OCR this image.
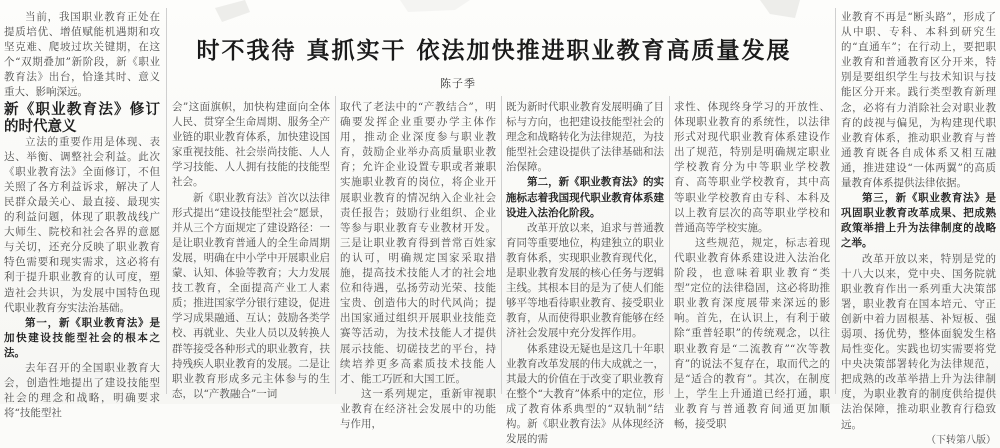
当前，我国职业教育正处在提质培优、增值赋能机遇期和攻坚克难、爬坡过坎关键期，在这个“双期叠加”新阶段，新《职业教育法》出台，恰逢其时、意义重大、影响深远。

新《职业教育法》修订的时代意义

立法的重要作用是体现、表达、举衡、调整社会利益。此次《职业教育法》全面修订，不但关照了各方利益诉求，解决了人民群众最关心、最直接、最现实的利益问题，体现了职教战线广大师生、院校和社会各界的意愿与关切，还充分反映了职业教育特色需要和现实需求，这必将有利于提升职业教育的认可度，塑造社会共识，为发展中国特色现代职业教育夯实法治基础。

第一，新《职业教育法》是加快建设技能型社会的根本之法。

去年召开的全国职业教育大会，创造性地提出了建设技能型社会的理念和战略，明确要求将“技能型社

时不我待 真抓实干 依法加快推进职业教育高质量发展
陈子季

会”这面旗帜，加快构建面向全体人民、贯穿全生命周期、服务全产业链的职业教育体系，加快建设国家重视技能、社会崇尚技能、人人学习技能、人人拥有技能的技能型社会。

新《职业教育法》首次以法律形式提出“建设技能型社会”愿景，并从三个方面规定了建设路径：一是让职业教育普通人的全生命周期发展，明确在中小学中开展职业启蒙、认知、体验等教育；大力发展技工教育，全面提高产业工人素质；推进国家学分银行建设，促进学习成果融通、互认；鼓励各类学校、再就业、失业人员以及转换人群等接受各种形式的职业教育，扶持残疾人职业教育的发展。二是让职业教育形成多元主体参与的生态，以“产教融合”一词

取代了老法中的“产教结合”，明确要发挥企业重要办学主体作用，推动企业深度参与职业教育，鼓励企业举办高质量职业教育；允许企业设置专职或者兼职实施职业教育的岗位，将企业开展职业教育的情况纳入企业社会责任报告；鼓励行业组织、企业等参与职业教育专业教材开发。三是让职业教育得到普常百姓家的认可，明确规定国家采取措施，提高技术技能人才的社会地位和待遇，弘扬劳动光荣、技能宝贵、创造伟大的时代风尚；提出国家通过组织开展职业技能竞赛等活动，为技术技能人才提供展示技能、切磋技艺的平台，持续培养更多高素质技术技能人才、能工巧匠和大国工匠。

这一系列规定，重新审视职业教育在经济社会发展中的功能与作用，

既为新时代职业教育发展明确了目标与方向，也把建设技能型社会的理念和战略转化为法律规范，为技能型社会建设提供了法律基础和法治保障。

第二，新《职业教育法》的实施标志着我国现代职业教育体系建设进入法治化阶段。

改革开放以来，追求与普通教育同等重要地位，构建独立的职业教育体系，实现职业教育现代化，是职业教育发展的核心任务与逻辑主线。其根本目的是为了使人们能够平等地看待职业教育、接受职业教育，从而使得职业教育能够在经济社会发展中充分发挥作用。

体系建设无疑也是这几十年职业教育改革发展的伟大成就之一，其最大的价值在于改变了职业教育在整个“大教育”体系中的定位，形成了教育体系典型的“双轨制”结构。新《职业教育法》从体现经济发展的需

求性、体现终身学习的开放性、体现职业教育的系统性，以法律形式对现代职业教育体系建设作出了规范，特别是明确规定职业学校教育分为中等职业学校教育、高等职业学校教育，其中高等职业学校教育由专科、本科及以上教育层次的高等职业学校和普通高等学校实施。

这些规范，规定，标志着现代职业教育体系建设进入法治化阶段，也意味着职业教育“类型”定位的法律稳固，这必将助推职业教育深度展带来深远的影响。首先，在认识上，有利于破除“重普轻职”的传统观念，以往职业教育是“二流教育”“次等教育”的说法不复存在，取而代之的是“适合的教育”。其次，在制度上，学生上升通道已经打通，职业教育与普通教育间通更加顺畅，接受职

业教育不再是“断头路”，形成了从中职、专科、本科到研究生的“直通车”；在行动上，要把职业教育和普通教育区分开来，特别是要组织学生与技术知识与技能区分开来。践行类型教育新理念，必将有力消除社会对职业教育的歧视与偏见，为构建现代职业教育体系，推动职业教育与普通教育既各自成体系又相互融通，推进建设“一体两翼”的高质量教育体系提供法律依据。

第三，新《职业教育法》是巩固职业教育改革成果、把成熟政策举措上升为法律制度的战略之举。

改革开放以来，特别是党的十八大以来，党中央、国务院就职业教育作出一系列重大决策部署，职业教育在国本培元、守正创新中着力固根基、补短板、强弱项、扬优势，整体面貌发生格局性变化。实践也切实需要将党中央决策部署转化为法律规范，把成熟的改革举措上升为法律制度，为职业教育的制度供给提供法治保障，推动职业教育行稳致远。

（下转第八版）
